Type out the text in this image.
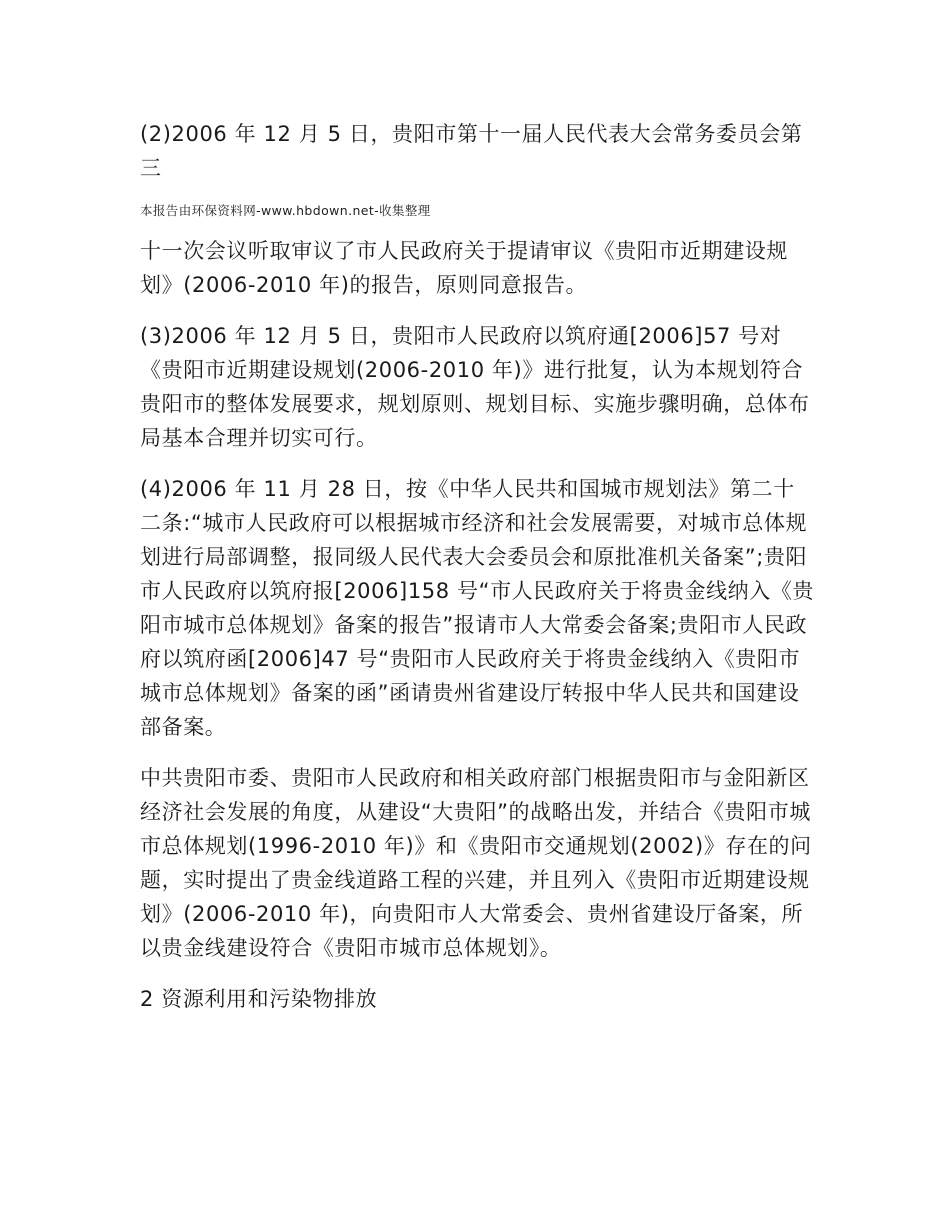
(2)2006 年 12 月 5 日，贵阳市第十一届人民代表大会常务委员会第三

本报告由环保资料网-www.hbdown.net-收集整理

十一次会议听取审议了市人民政府关于提请审议《贵阳市近期建设规划》(2006-2010 年)的报告，原则同意报告。

(3)2006 年 12 月 5 日，贵阳市人民政府以筑府通[2006]57 号对《贵阳市近期建设规划(2006-2010 年)》进行批复，认为本规划符合贵阳市的整体发展要求，规划原则、规划目标、实施步骤明确，总体布局基本合理并切实可行。

(4)2006 年 11 月 28 日，按《中华人民共和国城市规划法》第二十二条:“城市人民政府可以根据城市经济和社会发展需要，对城市总体规划进行局部调整，报同级人民代表大会委员会和原批准机关备案”;贵阳市人民政府以筑府报[2006]158 号“市人民政府关于将贵金线纳入《贵阳市城市总体规划》备案的报告”报请市人大常委会备案;贵阳市人民政府以筑府函[2006]47 号“贵阳市人民政府关于将贵金线纳入《贵阳市城市总体规划》备案的函”函请贵州省建设厅转报中华人民共和国建设部备案。

中共贵阳市委、贵阳市人民政府和相关政府部门根据贵阳市与金阳新区经济社会发展的角度，从建设“大贵阳”的战略出发，并结合《贵阳市城市总体规划(1996-2010 年)》和《贵阳市交通规划(2002)》存在的问题，实时提出了贵金线道路工程的兴建，并且列入《贵阳市近期建设规划》(2006-2010 年)，向贵阳市人大常委会、贵州省建设厅备案，所以贵金线建设符合《贵阳市城市总体规划》。

2 资源利用和污染物排放
